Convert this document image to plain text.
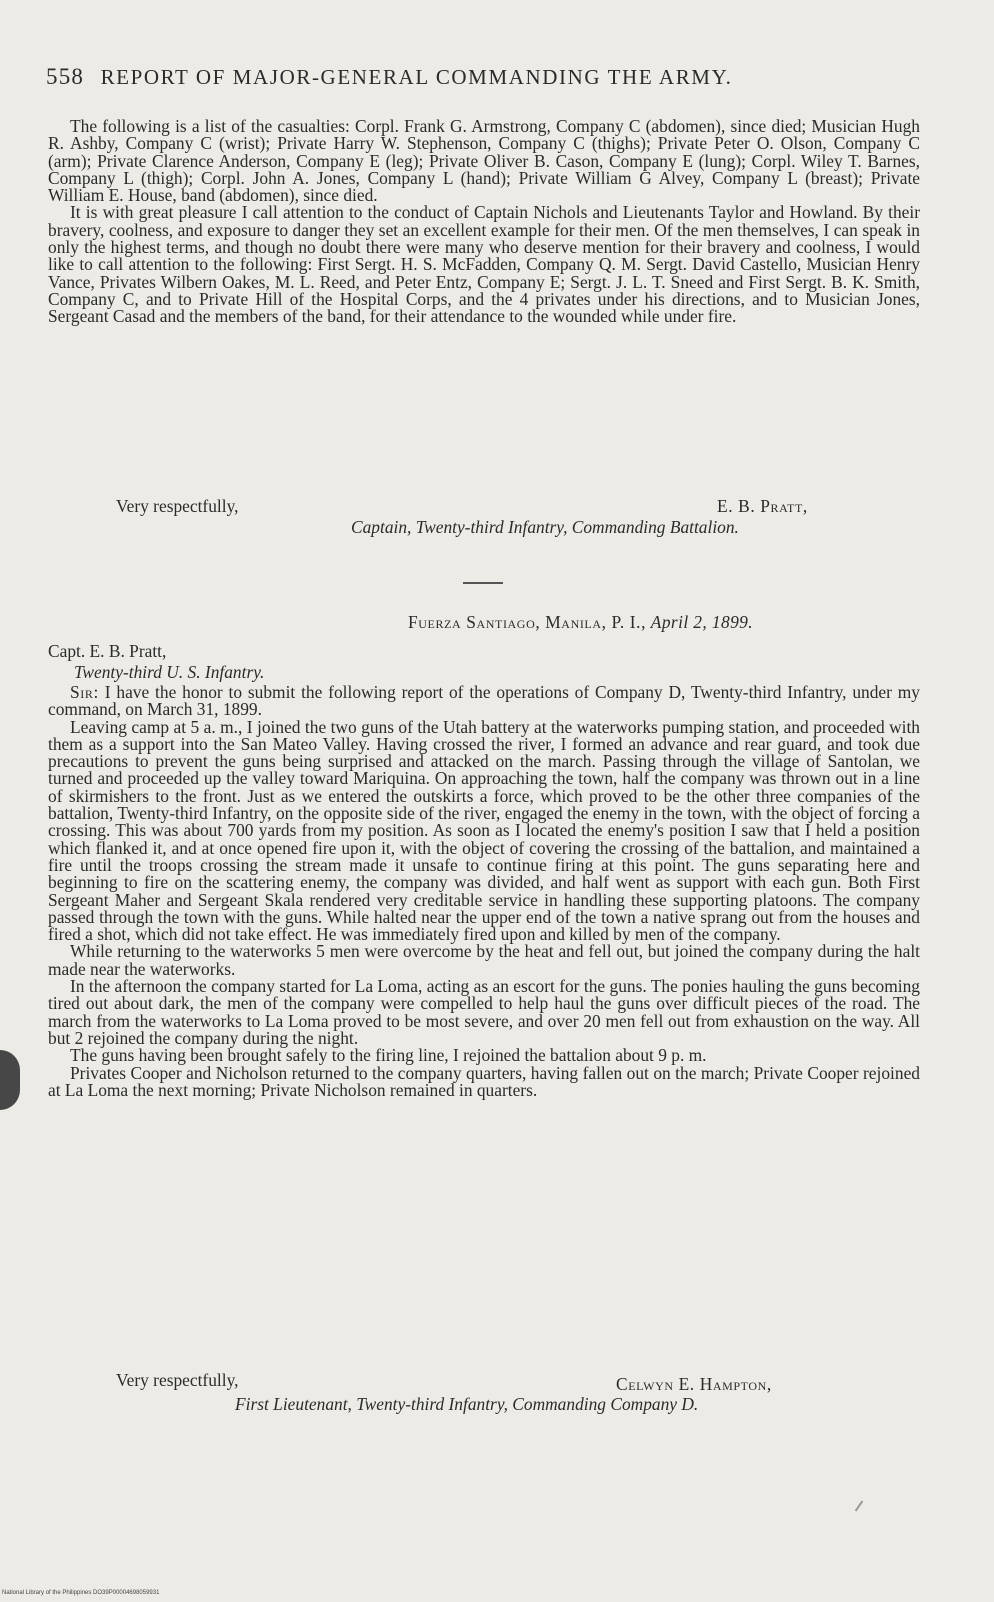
558 REPORT OF MAJOR-GENERAL COMMANDING THE ARMY.

The following is a list of the casualties: Corpl. Frank G. Armstrong, Company C (abdomen), since died; Musician Hugh R. Ashby, Company C (wrist); Private Harry W. Stephenson, Company C (thighs); Private Peter O. Olson, Company C (arm); Private Clarence Anderson, Company E (leg); Private Oliver B. Cason, Company E (lung); Corpl. Wiley T. Barnes, Company L (thigh); Corpl. John A. Jones, Company L (hand); Private William G Alvey, Company L (breast); Private William E. House, band (abdomen), since died.

It is with great pleasure I call attention to the conduct of Captain Nichols and Lieutenants Taylor and Howland. By their bravery, coolness, and exposure to danger they set an excellent example for their men. Of the men themselves, I can speak in only the highest terms, and though no doubt there were many who deserve mention for their bravery and coolness, I would like to call attention to the following: First Sergt. H. S. McFadden, Company Q. M. Sergt. David Castello, Musician Henry Vance, Privates Wilbern Oakes, M. L. Reed, and Peter Entz, Company E; Sergt. J. L. T. Sneed and First Sergt. B. K. Smith, Company C, and to Private Hill of the Hospital Corps, and the 4 privates under his directions, and to Musician Jones, Sergeant Casad and the members of the band, for their attendance to the wounded while under fire.

Very respectfully,	E. B. Pratt,
Captain, Twenty-third Infantry, Commanding Battalion.
Fuerza Santiago, Manila, P. I., April 2, 1899.
Capt. E. B. Pratt,
Twenty-third U. S. Infantry.

Sir: I have the honor to submit the following report of the operations of Company D, Twenty-third Infantry, under my command, on March 31, 1899.

Leaving camp at 5 a. m., I joined the two guns of the Utah battery at the waterworks pumping station, and proceeded with them as a support into the San Mateo Valley. Having crossed the river, I formed an advance and rear guard, and took due precautions to prevent the guns being surprised and attacked on the march. Passing through the village of Santolan, we turned and proceeded up the valley toward Mariquina. On approaching the town, half the company was thrown out in a line of skirmishers to the front. Just as we entered the outskirts a force, which proved to be the other three companies of the battalion, Twenty-third Infantry, on the opposite side of the river, engaged the enemy in the town, with the object of forcing a crossing. This was about 700 yards from my position. As soon as I located the enemy's position I saw that I held a position which flanked it, and at once opened fire upon it, with the object of covering the crossing of the battalion, and maintained a fire until the troops crossing the stream made it unsafe to continue firing at this point. The guns separating here and beginning to fire on the scattering enemy, the company was divided, and half went as support with each gun. Both First Sergeant Maher and Sergeant Skala rendered very creditable service in handling these supporting platoons. The company passed through the town with the guns. While halted near the upper end of the town a native sprang out from the houses and fired a shot, which did not take effect. He was immediately fired upon and killed by men of the company.

While returning to the waterworks 5 men were overcome by the heat and fell out, but joined the company during the halt made near the waterworks.

In the afternoon the company started for La Loma, acting as an escort for the guns. The ponies hauling the guns becoming tired out about dark, the men of the company were compelled to help haul the guns over difficult pieces of the road. The march from the waterworks to La Loma proved to be most severe, and over 20 men fell out from exhaustion on the way. All but 2 rejoined the company during the night.

The guns having been brought safely to the firing line, I rejoined the battalion about 9 p. m.

Privates Cooper and Nicholson returned to the company quarters, having fallen out on the march; Private Cooper rejoined at La Loma the next morning; Private Nicholson remained in quarters.

Very respectfully,	Celwyn E. Hampton,
First Lieutenant, Twenty-third Infantry, Commanding Company D.
National Library of the Philippines DO39P00004698059931
